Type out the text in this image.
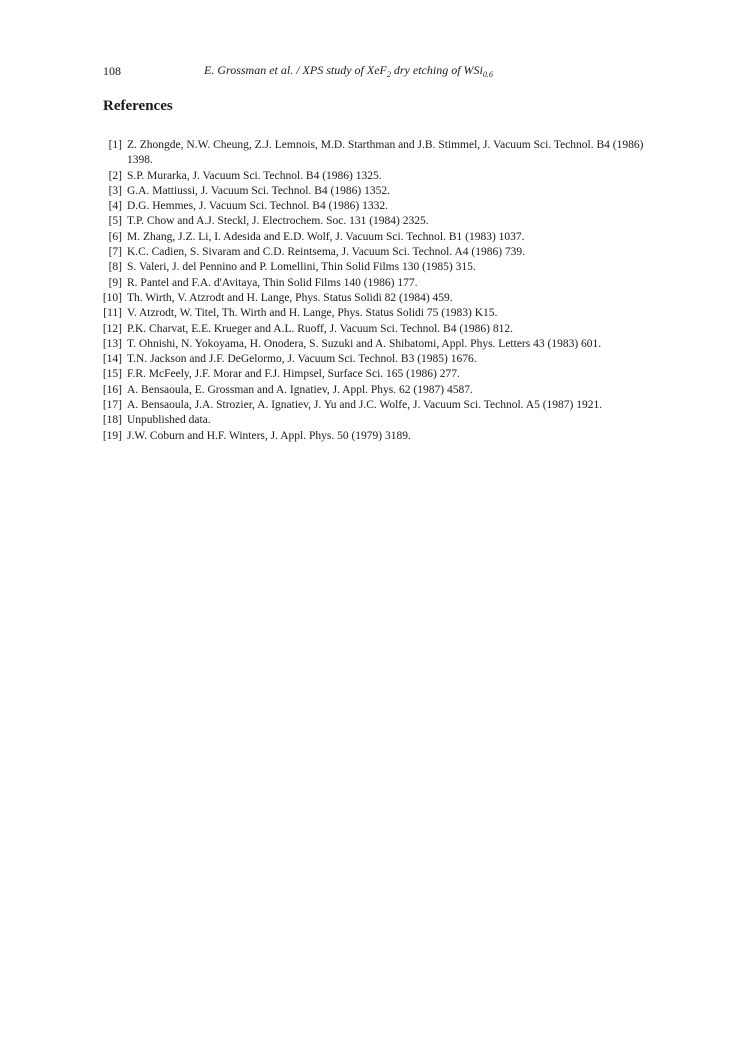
108	E. Grossman et al. / XPS study of XeF$_2$ dry etching of WSi$_{0.6}$
References
[1] Z. Zhongde, N.W. Cheung, Z.J. Lemnois, M.D. Starthman and J.B. Stimmel, J. Vacuum Sci. Technol. B4 (1986) 1398.
[2] S.P. Murarka, J. Vacuum Sci. Technol. B4 (1986) 1325.
[3] G.A. Mattiussi, J. Vacuum Sci. Technol. B4 (1986) 1352.
[4] D.G. Hemmes, J. Vacuum Sci. Technol. B4 (1986) 1332.
[5] T.P. Chow and A.J. Steckl, J. Electrochem. Soc. 131 (1984) 2325.
[6] M. Zhang, J.Z. Li, I. Adesida and E.D. Wolf, J. Vacuum Sci. Technol. B1 (1983) 1037.
[7] K.C. Cadien, S. Sivaram and C.D. Reintsema, J. Vacuum Sci. Technol. A4 (1986) 739.
[8] S. Valeri, J. del Pennino and P. Lomellini, Thin Solid Films 130 (1985) 315.
[9] R. Pantel and F.A. d'Avitaya, Thin Solid Films 140 (1986) 177.
[10] Th. Wirth, V. Atzrodt and H. Lange, Phys. Status Solidi 82 (1984) 459.
[11] V. Atzrodt, W. Titel, Th. Wirth and H. Lange, Phys. Status Solidi 75 (1983) K15.
[12] P.K. Charvat, E.E. Krueger and A.L. Ruoff, J. Vacuum Sci. Technol. B4 (1986) 812.
[13] T. Ohnishi, N. Yokoyama, H. Onodera, S. Suzuki and A. Shibatomi, Appl. Phys. Letters 43 (1983) 601.
[14] T.N. Jackson and J.F. DeGelormo, J. Vacuum Sci. Technol. B3 (1985) 1676.
[15] F.R. McFeely, J.F. Morar and F.J. Himpsel, Surface Sci. 165 (1986) 277.
[16] A. Bensaoula, E. Grossman and A. Ignatiev, J. Appl. Phys. 62 (1987) 4587.
[17] A. Bensaoula, J.A. Strozier, A. Ignatiev, J. Yu and J.C. Wolfe, J. Vacuum Sci. Technol. A5 (1987) 1921.
[18] Unpublished data.
[19] J.W. Coburn and H.F. Winters, J. Appl. Phys. 50 (1979) 3189.
